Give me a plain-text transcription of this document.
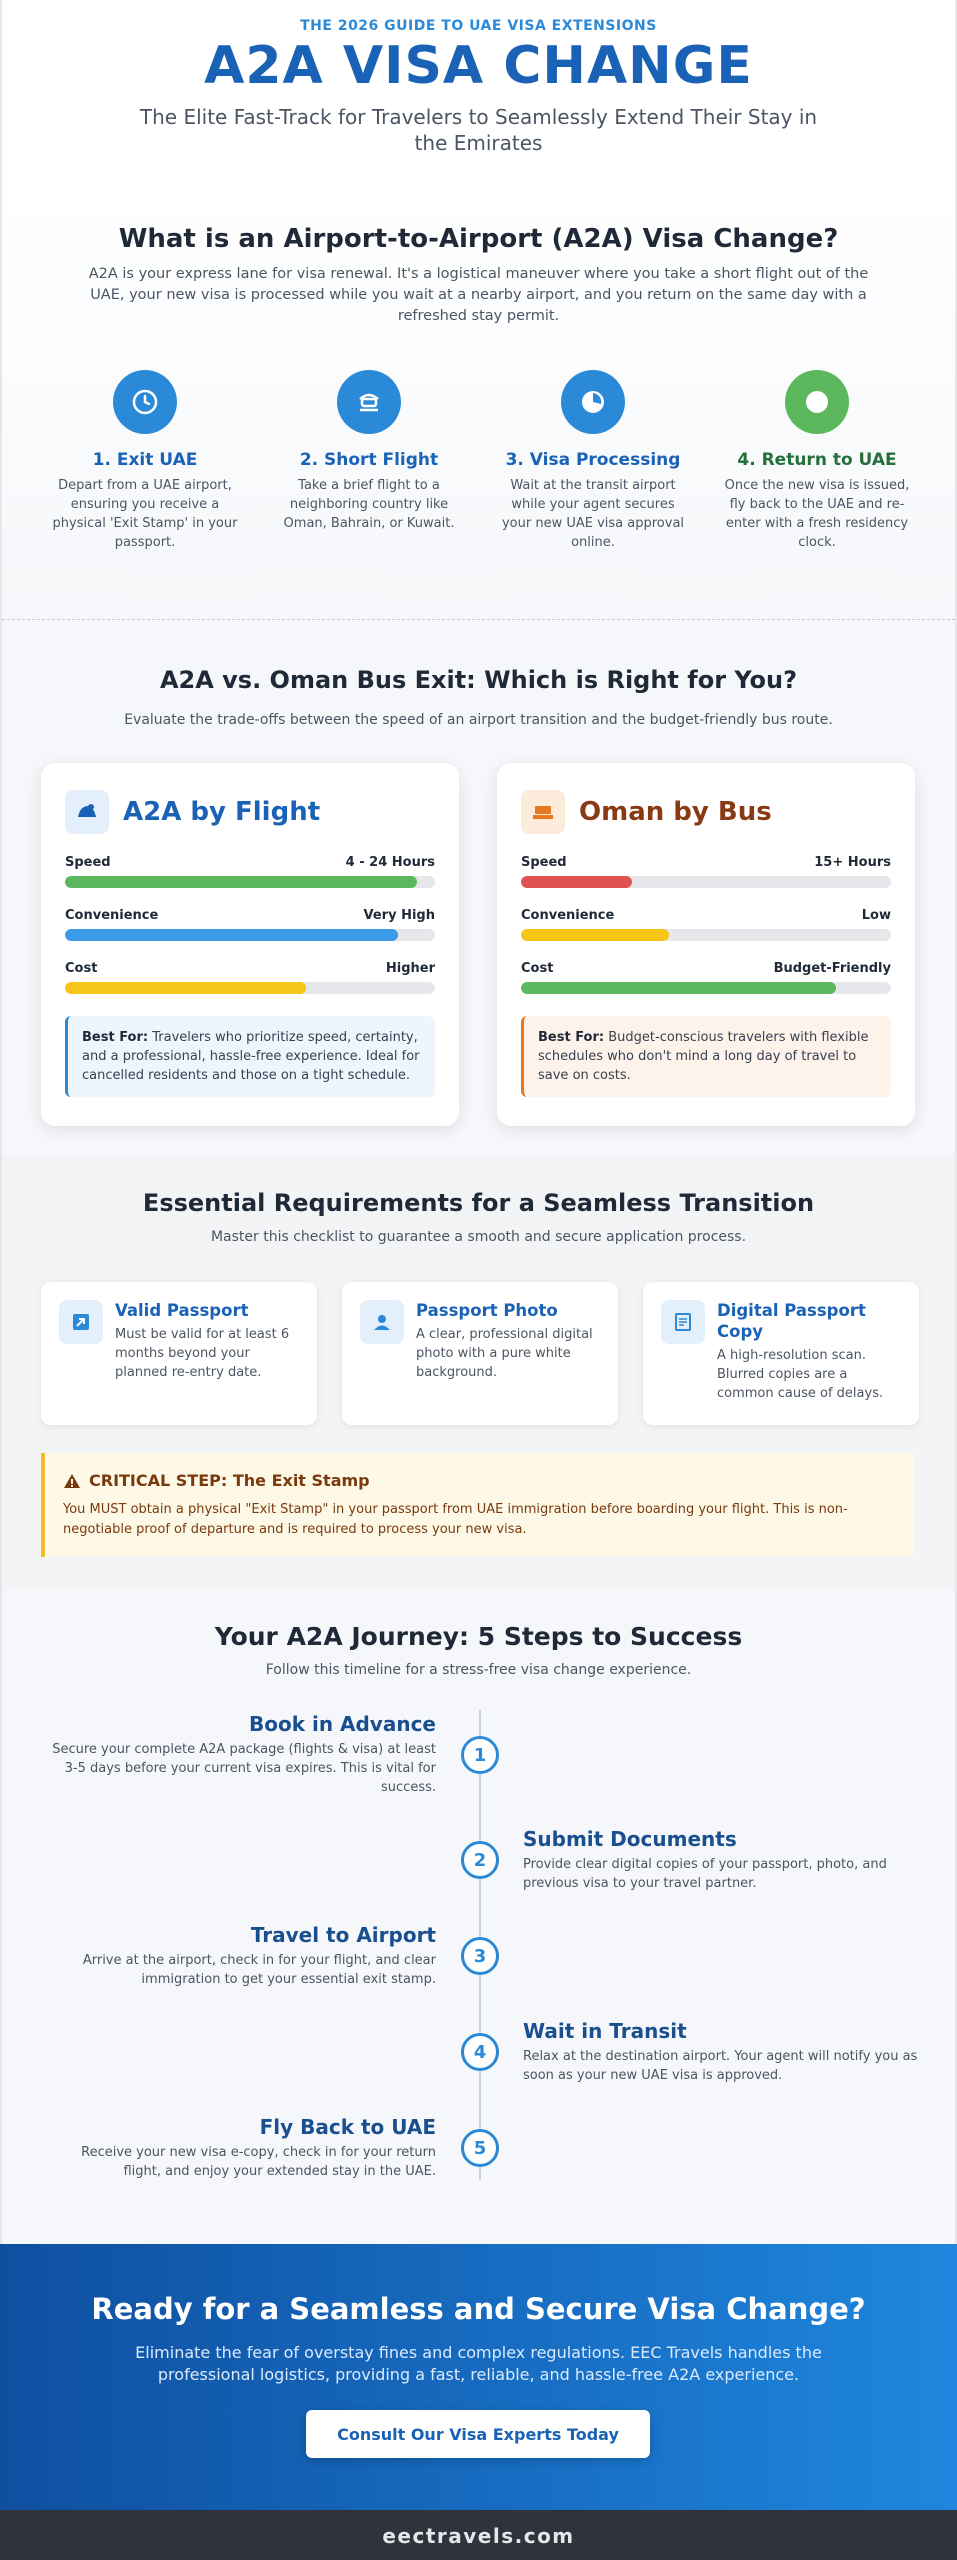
THE 2026 GUIDE TO UAE VISA EXTENSIONS
A2A VISA CHANGE
The Elite Fast-Track for Travelers to Seamlessly Extend Their Stay in the Emirates
What is an Airport-to-Airport (A2A) Visa Change?
A2A is your express lane for visa renewal. It's a logistical maneuver where you take a short flight out of the UAE, your new visa is processed while you wait at a nearby airport, and you return on the same day with a refreshed stay permit.
1. Exit UAE
Depart from a UAE airport, ensuring you receive a physical 'Exit Stamp' in your passport.
2. Short Flight
Take a brief flight to a neighboring country like Oman, Bahrain, or Kuwait.
3. Visa Processing
Wait at the transit airport while your agent secures your new UAE visa approval online.
4. Return to UAE
Once the new visa is issued, fly back to the UAE and re-enter with a fresh residency clock.
A2A vs. Oman Bus Exit: Which is Right for You?
Evaluate the trade-offs between the speed of an airport transition and the budget-friendly bus route.
A2A by Flight
Speed	4 - 24 Hours
Convenience	Very High
Cost	Higher
Best For: Travelers who prioritize speed, certainty, and a professional, hassle-free experience. Ideal for cancelled residents and those on a tight schedule.
Oman by Bus
Speed	15+ Hours
Convenience	Low
Cost	Budget-Friendly
Best For: Budget-conscious travelers with flexible schedules who don't mind a long day of travel to save on costs.
Essential Requirements for a Seamless Transition
Master this checklist to guarantee a smooth and secure application process.
Valid Passport
Must be valid for at least 6 months beyond your planned re-entry date.
Passport Photo
A clear, professional digital photo with a pure white background.
Digital Passport Copy
A high-resolution scan. Blurred copies are a common cause of delays.
CRITICAL STEP: The Exit Stamp
You MUST obtain a physical "Exit Stamp" in your passport from UAE immigration before boarding your flight. This is non-negotiable proof of departure and is required to process your new visa.
Your A2A Journey: 5 Steps to Success
Follow this timeline for a stress-free visa change experience.
Book in Advance
Secure your complete A2A package (flights & visa) at least 3-5 days before your current visa expires. This is vital for success.
1
Submit Documents
Provide clear digital copies of your passport, photo, and previous visa to your travel partner.
2
Travel to Airport
Arrive at the airport, check in for your flight, and clear immigration to get your essential exit stamp.
3
Wait in Transit
Relax at the destination airport. Your agent will notify you as soon as your new UAE visa is approved.
4
Fly Back to UAE
Receive your new visa e-copy, check in for your return flight, and enjoy your extended stay in the UAE.
5
Ready for a Seamless and Secure Visa Change?
Eliminate the fear of overstay fines and complex regulations. EEC Travels handles the professional logistics, providing a fast, reliable, and hassle-free A2A experience.
Consult Our Visa Experts Today
eectravels.com
